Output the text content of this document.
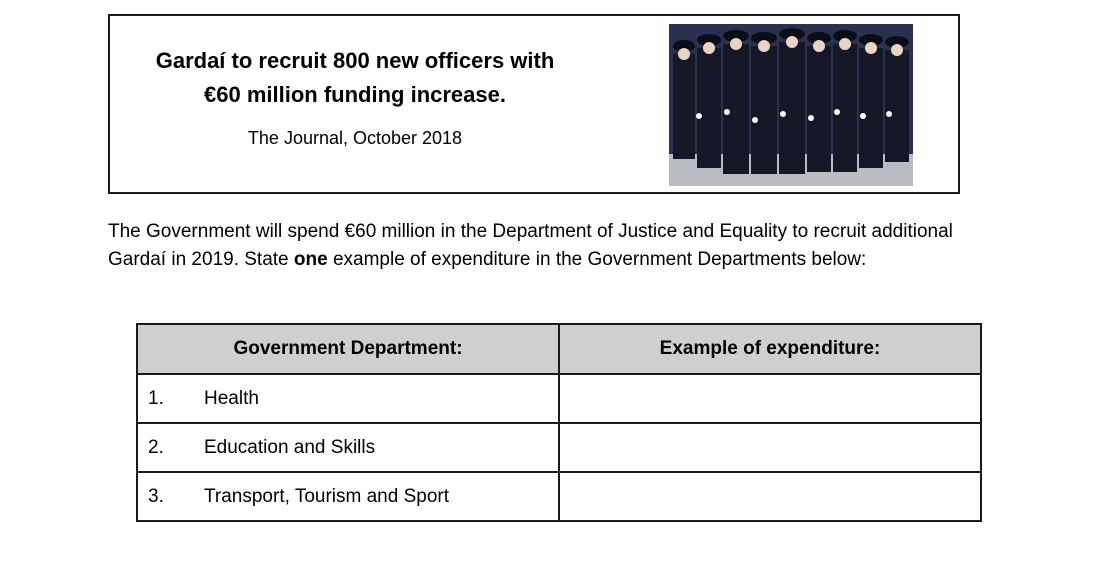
Gardaí to recruit 800 new officers with
€60 million funding increase.
The Journal, October 2018
The Government will spend €60 million in the Department of Justice and Equality to recruit additional Gardaí in 2019. State one example of expenditure in the Government Departments below:
Government Department:	Example of expenditure:
1. Health	
2. Education and Skills	
3. Transport, Tourism and Sport	
